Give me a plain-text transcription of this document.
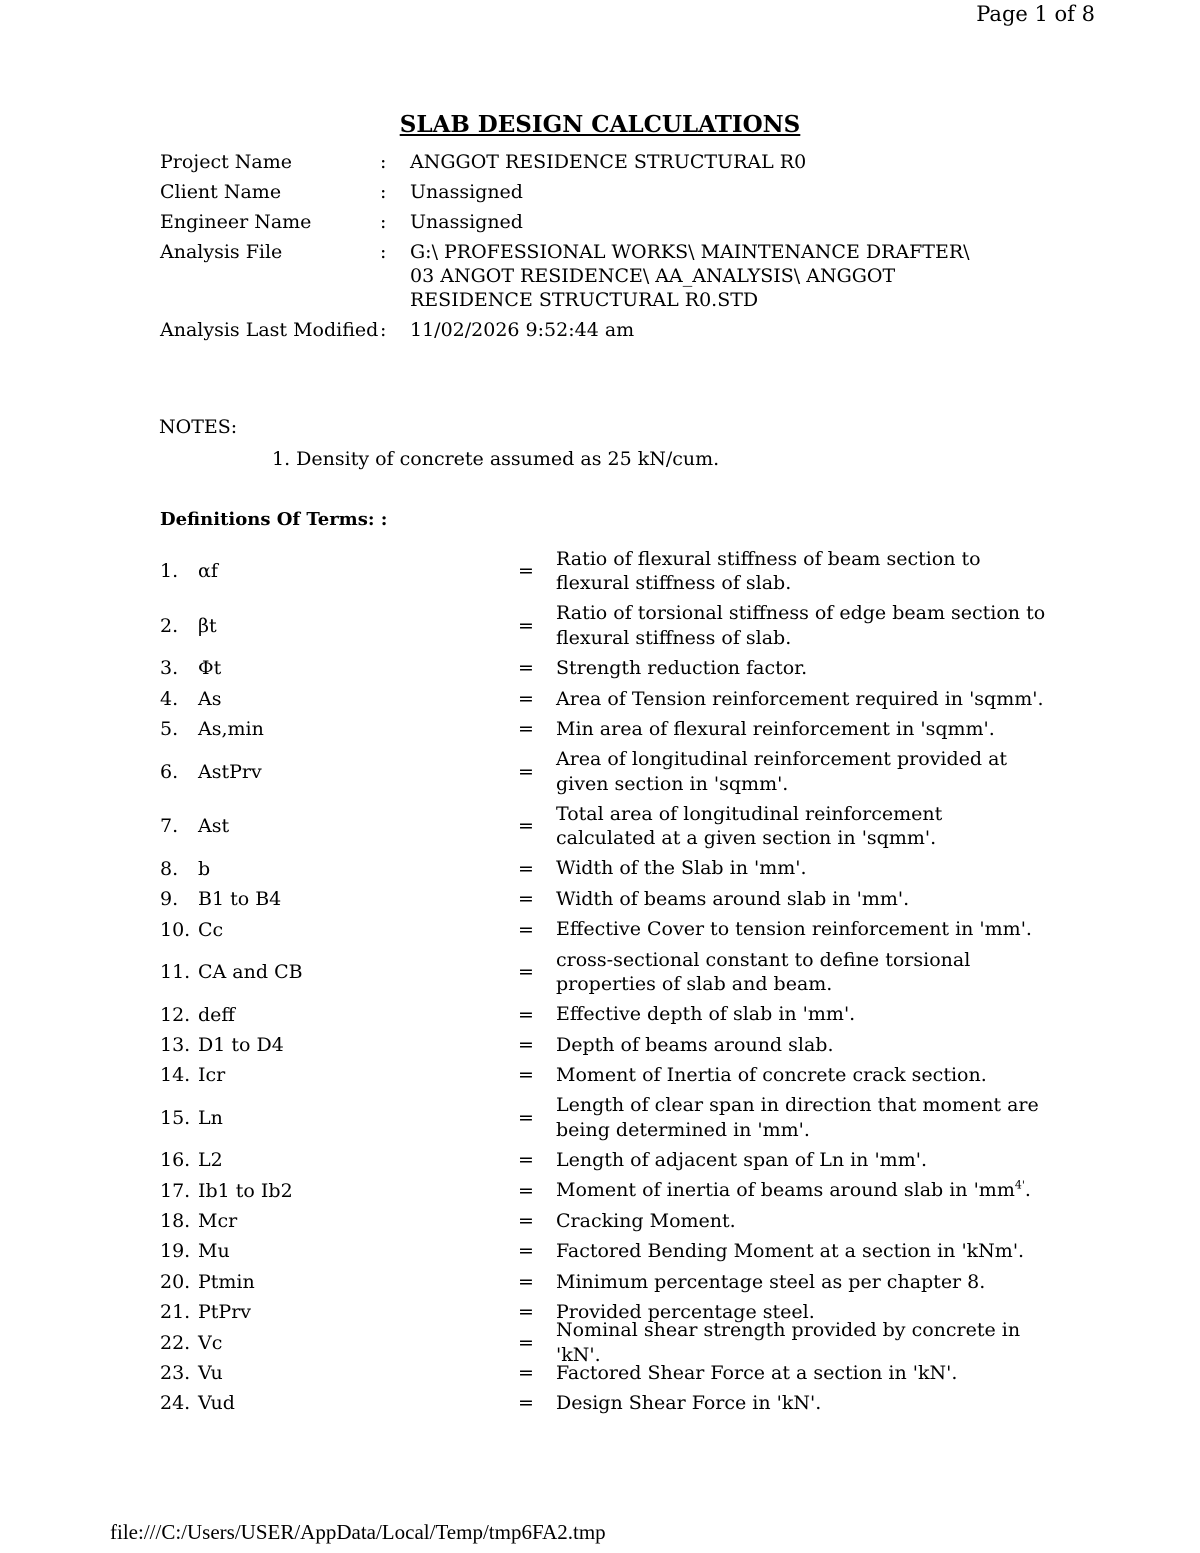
Page 1 of 8
SLAB DESIGN CALCULATIONS
Project Name	:	ANGGOT RESIDENCE STRUCTURAL R0
Client Name	:	Unassigned
Engineer Name	:	Unassigned
Analysis File	:	G:\ PROFESSIONAL WORKS\ MAINTENANCE DRAFTER\ 03 ANGOT RESIDENCE\ AA_ANALYSIS\ ANGGOT RESIDENCE STRUCTURAL R0.STD
Analysis Last Modified :	11/02/2026 9:52:44 am
NOTES:
1. Density of concrete assumed as 25 kN/cum.
Definitions Of Terms: :
1.	αf	=
Ratio of flexural stiffness of beam section to flexural stiffness of slab.
2.	βt	=
Ratio of torsional stiffness of edge beam section to flexural stiffness of slab.
3.	Φt	=	Strength reduction factor.
4.	As	=	Area of Tension reinforcement required in 'sqmm'.
5.	As,min	=	Min area of flexural reinforcement in 'sqmm'.
6.	AstPrv	=
Area of longitudinal reinforcement provided at given section in 'sqmm'.
7.	Ast	=
Total area of longitudinal reinforcement calculated at a given section in 'sqmm'.
8.	b	=	Width of the Slab in 'mm'.
9.	B1 to B4	=	Width of beams around slab in 'mm'.
10. Cc	=	Effective Cover to tension reinforcement in 'mm'.
11. CA and CB	=
cross-sectional constant to define torsional properties of slab and beam.
12. deff	=	Effective depth of slab in 'mm'.
13. D1 to D4	=	Depth of beams around slab.
14. Icr	=	Moment of Inertia of concrete crack section.
15. Ln	=
Length of clear span in direction that moment are being determined in 'mm'.
16. L2	=	Length of adjacent span of Ln in 'mm'.
17. Ib1 to Ib2	=	Moment of inertia of beams around slab in '$mm^{4'}$.
18. Mcr	=	Cracking Moment.
19. Mu	=	Factored Bending Moment at a section in 'kNm'.
20. Ptmin	=	Minimum percentage steel as per chapter 8.
21. PtPrv	=	Provided percentage steel.
22. Vc	=
Nominal shear strength provided by concrete in 'kN'.
23. Vu	=	Factored Shear Force at a section in 'kN'.
24. Vud	=	Design Shear Force in 'kN'.
file:///C:/Users/USER/AppData/Local/Temp/tmp6FA2.tmp
